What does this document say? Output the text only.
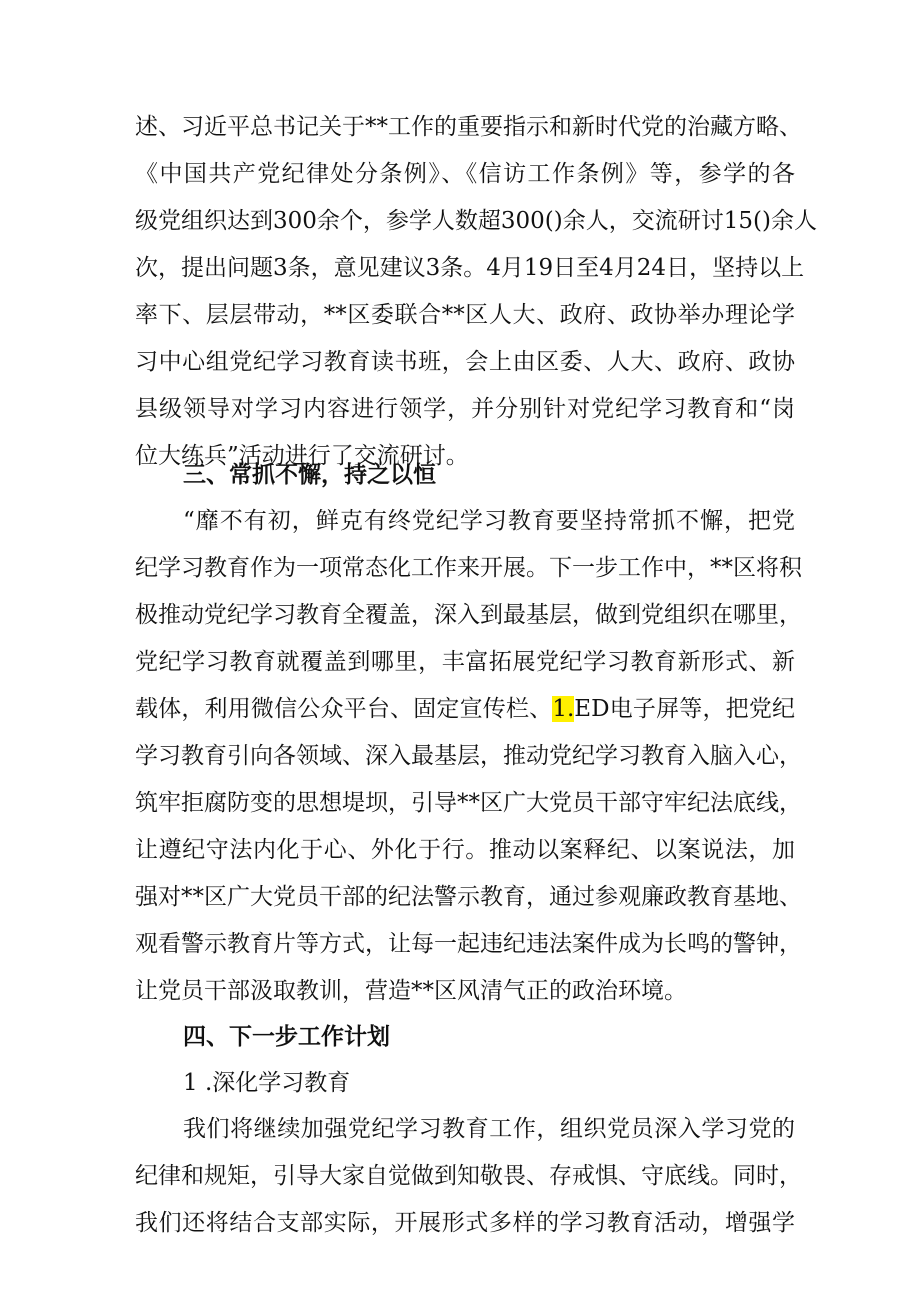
述、习近平总书记关于**工作的重要指示和新时代党的治藏方略、
《中国共产党纪律处分条例》、《信访工作条例》等，参学的各
级党组织达到300余个，参学人数超300()余人，交流研讨15()余人
次，提出问题3条，意见建议3条。4月19日至4月24日，坚持以上
率下、层层带动，**区委联合**区人大、政府、政协举办理论学
习中心组党纪学习教育读书班，会上由区委、人大、政府、政协
县级领导对学习内容进行领学，并分别针对党纪学习教育和“岗
位大练兵”活动进行了交流研讨。
三、常抓不懈，持之以恒
“靡不有初，鲜克有终党纪学习教育要坚持常抓不懈，把党
纪学习教育作为一项常态化工作来开展。下一步工作中，**区将积
极推动党纪学习教育全覆盖，深入到最基层，做到党组织在哪里，
党纪学习教育就覆盖到哪里，丰富拓展党纪学习教育新形式、新
载体，利用微信公众平台、固定宣传栏、1.ED电子屏等，把党纪
学习教育引向各领域、深入最基层，推动党纪学习教育入脑入心，
筑牢拒腐防变的思想堤坝，引导**区广大党员干部守牢纪法底线，
让遵纪守法内化于心、外化于行。推动以案释纪、以案说法，加
强对**区广大党员干部的纪法警示教育，通过参观廉政教育基地、
观看警示教育片等方式，让每一起违纪违法案件成为长鸣的警钟，
让党员干部汲取教训，营造**区风清气正的政治环境。
四、下一步工作计划
1 .深化学习教育
我们将继续加强党纪学习教育工作，组织党员深入学习党的
纪律和规矩，引导大家自觉做到知敬畏、存戒惧、守底线。同时，
我们还将结合支部实际，开展形式多样的学习教育活动，增强学
